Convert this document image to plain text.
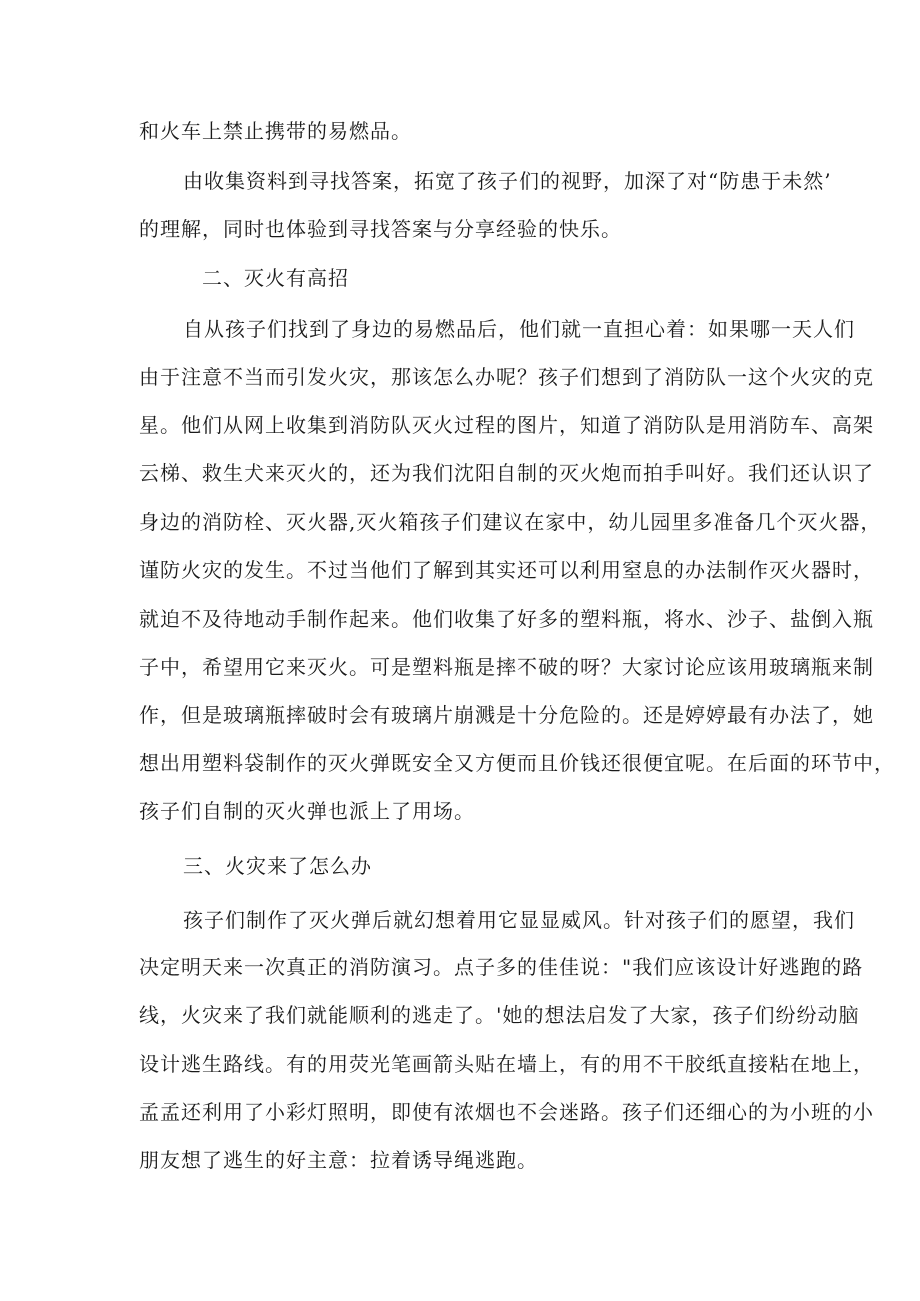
和火车上禁止携带的易燃品。
由收集资料到寻找答案，拓宽了孩子们的视野，加深了对“防患于未然’
的理解，同时也体验到寻找答案与分享经验的快乐。
二、灭火有高招
自从孩子们找到了身边的易燃品后，他们就一直担心着：如果哪一天人们
由于注意不当而引发火灾，那该怎么办呢？孩子们想到了消防队一这个火灾的克
星。他们从网上收集到消防队灭火过程的图片，知道了消防队是用消防车、高架
云梯、救生犬来灭火的，还为我们沈阳自制的灭火炮而拍手叫好。我们还认识了
身边的消防栓、灭火器,灭火箱孩子们建议在家中，幼儿园里多准备几个灭火器，
谨防火灾的发生。不过当他们了解到其实还可以利用窒息的办法制作灭火器时，
就迫不及待地动手制作起来。他们收集了好多的塑料瓶，将水、沙子、盐倒入瓶
子中，希望用它来灭火。可是塑料瓶是摔不破的呀？大家讨论应该用玻璃瓶来制
作，但是玻璃瓶摔破时会有玻璃片崩溅是十分危险的。还是婷婷最有办法了，她
想出用塑料袋制作的灭火弹既安全又方便而且价钱还很便宜呢。在后面的环节中，
孩子们自制的灭火弹也派上了用场。
三、火灾来了怎么办
孩子们制作了灭火弹后就幻想着用它显显威风。针对孩子们的愿望，我们
决定明天来一次真正的消防演习。点子多的佳佳说："我们应该设计好逃跑的路
线，火灾来了我们就能顺利的逃走了。'她的想法启发了大家，孩子们纷纷动脑
设计逃生路线。有的用荧光笔画箭头贴在墙上，有的用不干胶纸直接粘在地上，
孟孟还利用了小彩灯照明，即使有浓烟也不会迷路。孩子们还细心的为小班的小
朋友想了逃生的好主意：拉着诱导绳逃跑。
